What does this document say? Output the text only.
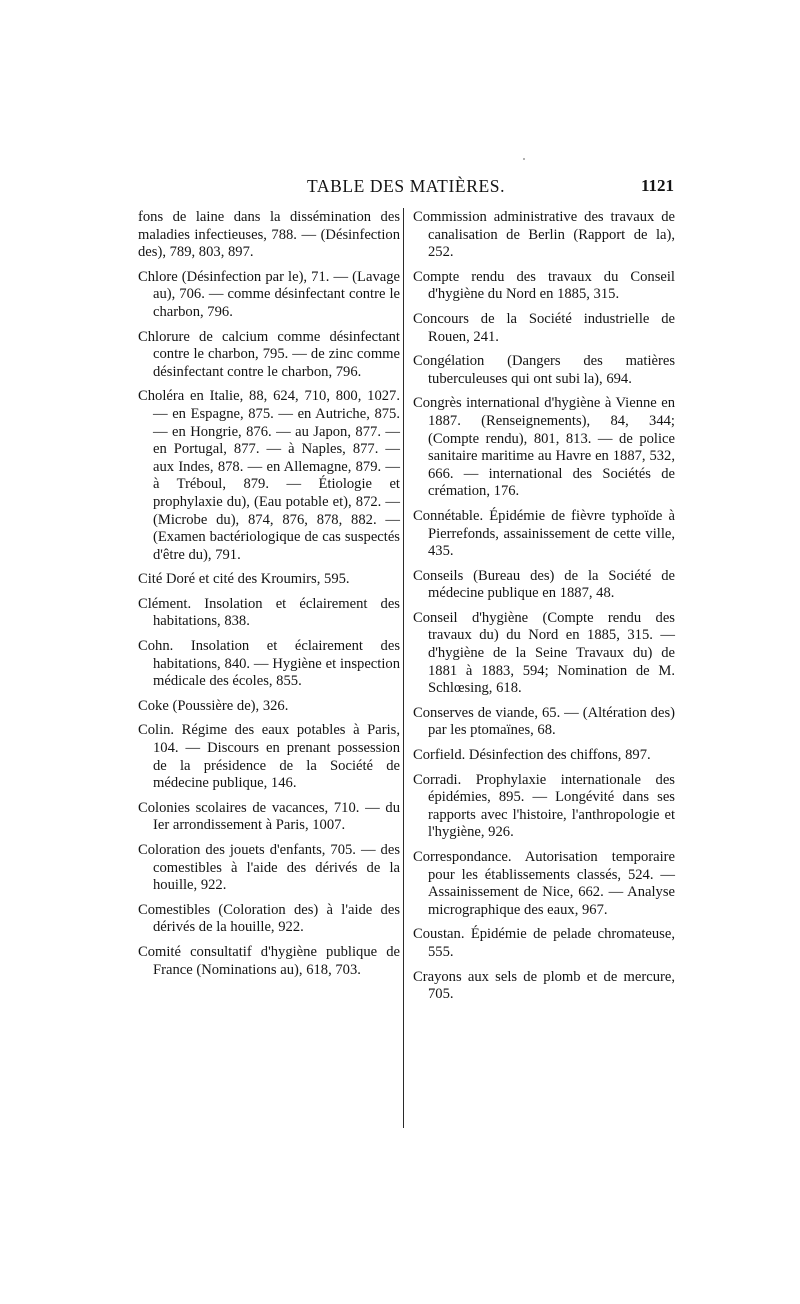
TABLE DES MATIÈRES.	1121

fons de laine dans la dissémination des maladies infectieuses, 788. — (Désinfection des), 789, 803, 897.

Chlore (Désinfection par le), 71. — (Lavage au), 706. — comme désinfectant contre le charbon, 796.

Chlorure de calcium comme désinfectant contre le charbon, 795. — de zinc comme désinfectant contre le charbon, 796.

Choléra en Italie, 88, 624, 710, 800, 1027. — en Espagne, 875. — en Autriche, 875. — en Hongrie, 876. — au Japon, 877. — en Portugal, 877. — à Naples, 877. — aux Indes, 878. — en Allemagne, 879. — à Tréboul, 879. — Étiologie et prophylaxie du), (Eau potable et), 872. — (Microbe du), 874, 876, 878, 882. — (Examen bactériologique de cas suspectés d'être du), 791.

Cité Doré et cité des Kroumirs, 595.

Clément. Insolation et éclairement des habitations, 838.

Cohn. Insolation et éclairement des habitations, 840. — Hygiène et inspection médicale des écoles, 855.

Coke (Poussière de), 326.

Colin. Régime des eaux potables à Paris, 104. — Discours en prenant possession de la présidence de la Société de médecine publique, 146.

Colonies scolaires de vacances, 710. — du Ier arrondissement à Paris, 1007.

Coloration des jouets d'enfants, 705. — des comestibles à l'aide des dérivés de la houille, 922.

Comestibles (Coloration des) à l'aide des dérivés de la houille, 922.

Comité consultatif d'hygiène publique de France (Nominations au), 618, 703.

Commission administrative des travaux de canalisation de Berlin (Rapport de la), 252.

Compte rendu des travaux du Conseil d'hygiène du Nord en 1885, 315.

Concours de la Société industrielle de Rouen, 241.

Congélation (Dangers des matières tuberculeuses qui ont subi la), 694.

Congrès international d'hygiène à Vienne en 1887. (Renseignements), 84, 344; (Compte rendu), 801, 813. — de police sanitaire maritime au Havre en 1887, 532, 666. — international des Sociétés de crémation, 176.

Connétable. Épidémie de fièvre typhoïde à Pierrefonds, assainissement de cette ville, 435.

Conseils (Bureau des) de la Société de médecine publique en 1887, 48.

Conseil d'hygiène (Compte rendu des travaux du) du Nord en 1885, 315. — d'hygiène de la Seine Travaux du) de 1881 à 1883, 594; Nomination de M. Schlœsing, 618.

Conserves de viande, 65. — (Altération des) par les ptomaïnes, 68.

Corfield. Désinfection des chiffons, 897.

Corradi. Prophylaxie internationale des épidémies, 895. — Longévité dans ses rapports avec l'histoire, l'anthropologie et l'hygiène, 926.

Correspondance. Autorisation temporaire pour les établissements classés, 524. — Assainissement de Nice, 662. — Analyse micrographique des eaux, 967.

Coustan. Épidémie de pelade chromateuse, 555.

Crayons aux sels de plomb et de mercure, 705.
